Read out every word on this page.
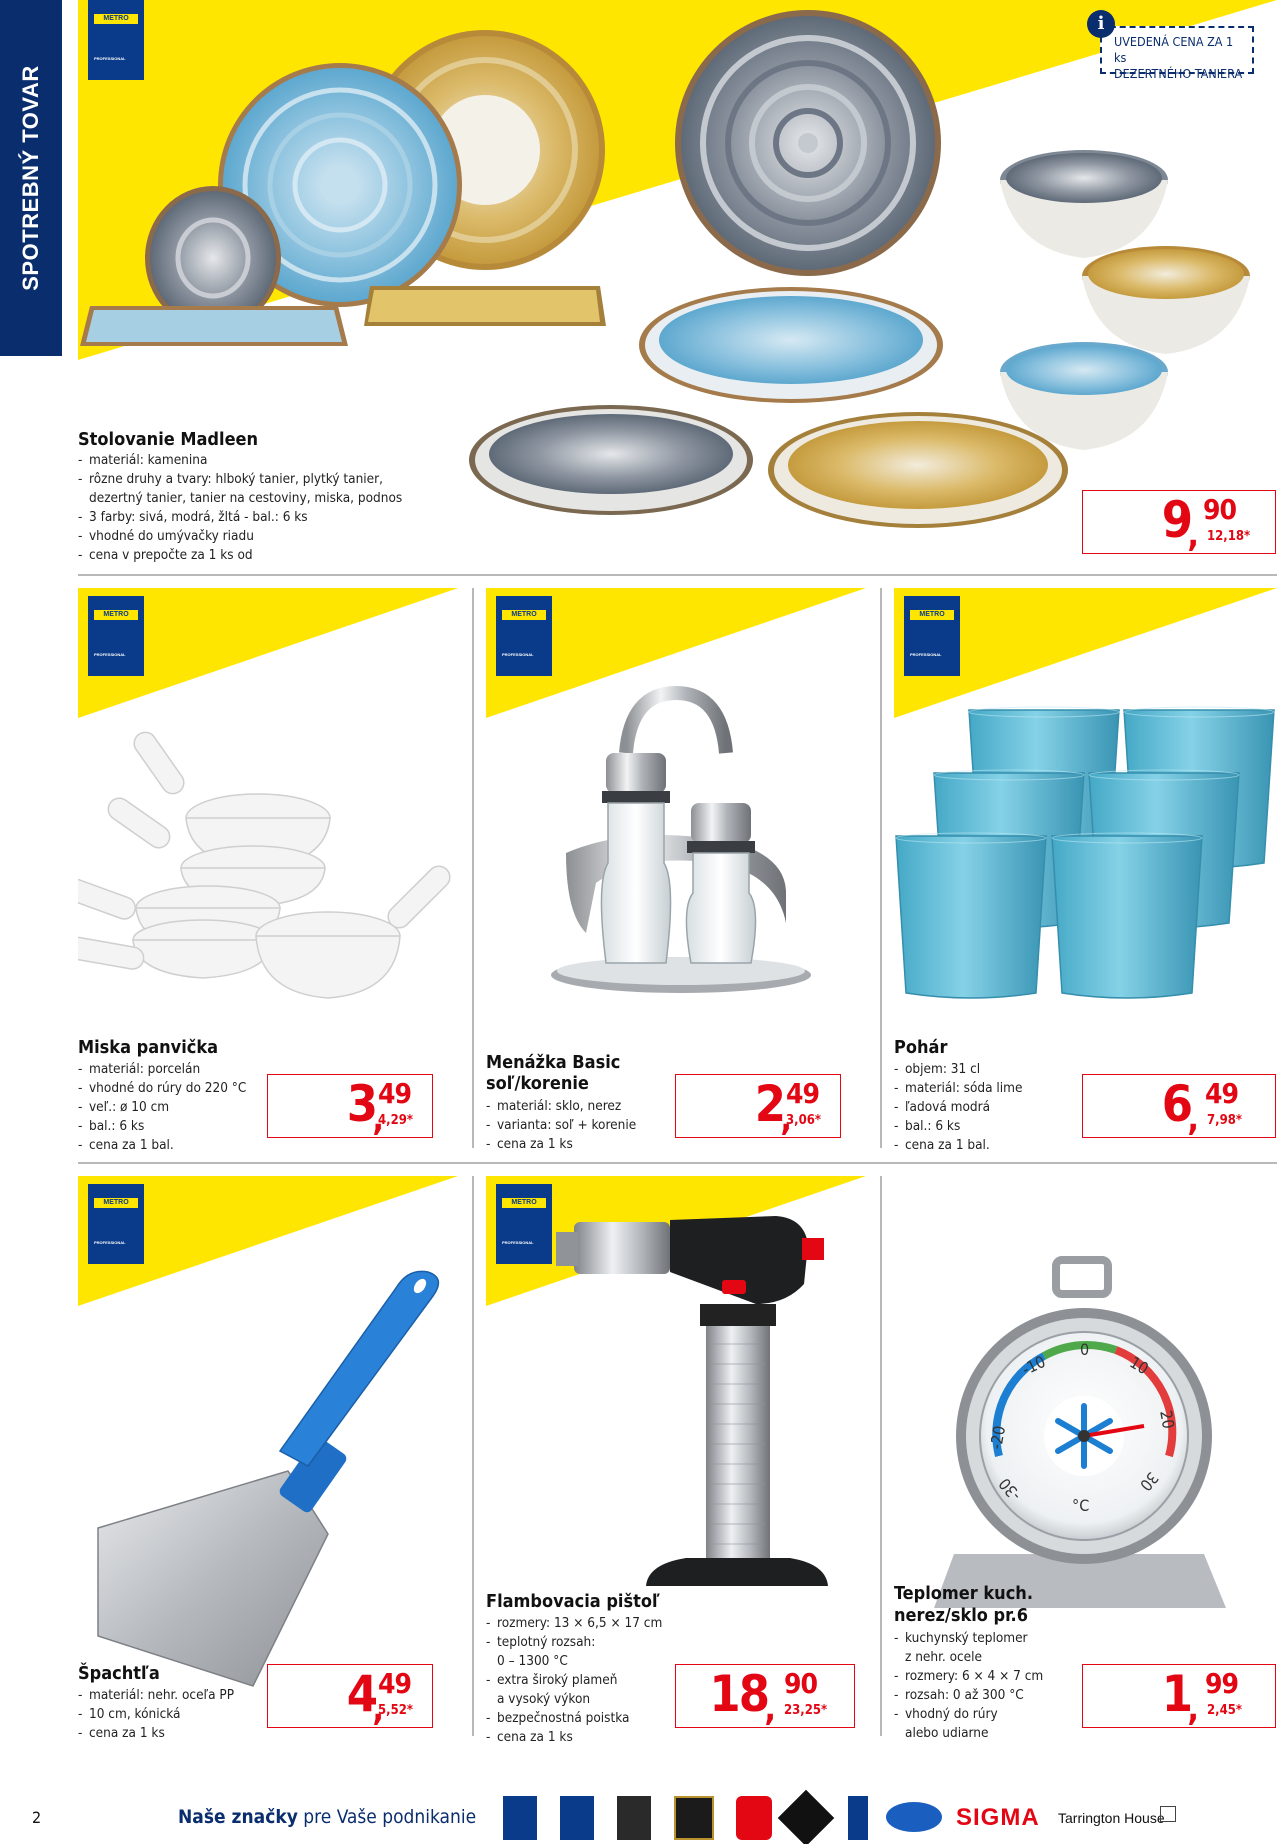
SPOTREBNÝ TOVAR
METRO
PROFESSIONAL
i
UVEDENÁ CENA ZA 1 ks
DEZERTNÉHO TANIERA
Stolovanie Madleen
- materiál: kamenina
- rôzne druhy a tvary: hlboký tanier, plytký tanier,
dezertný tanier, tanier na cestoviny, miska, podnos
- 3 farby: sivá, modrá, žltá - bal.: 6 ks
- vhodné do umývačky riadu
- cena v prepočte za 1 ks od
9
,
90
12,18*
METRO
PROFESSIONAL
Miska panvička
- materiál: porcelán
- vhodné do rúry do 220 °C
- veľ.: ø 10 cm
- bal.: 6 ks
- cena za 1 bal.
3
,
49
4,29*
METRO
PROFESSIONAL
Menážka Basic
soľ/korenie
- materiál: sklo, nerez
- varianta: soľ + korenie
- cena za 1 ks
2
,
49
3,06*
METRO
PROFESSIONAL
Pohár
- objem: 31 cl
- materiál: sóda lime
- ľadová modrá
- bal.: 6 ks
- cena za 1 bal.
6
,
49
7,98*
METRO
PROFESSIONAL
Špachtľa
- materiál: nehr. oceľa PP
- 10 cm, kónická
- cena za 1 ks
4
,
49
5,52*
METRO
PROFESSIONAL
Flambovacia pištoľ
- rozmery: 13 × 6,5 × 17 cm
- teplotný rozsah:
0 – 1300 °C
- extra široký plameň
a vysoký výkon
- bezpečnostná poistka
- cena za 1 ks
18
,
90
23,25*
-10
0
10
20
30
-20
-30
°C
Teplomer kuch.
nerez/sklo pr.6
- kuchynský teplomer
z nehr. ocele
- rozmery: 6 × 4 × 7 cm
- rozsah: 0 až 300 °C
- vhodný do rúry
alebo udiarne
1
,
99
2,45*
2	Naše značky pre Vaše podnikanie	SIGMA Tarrington House
